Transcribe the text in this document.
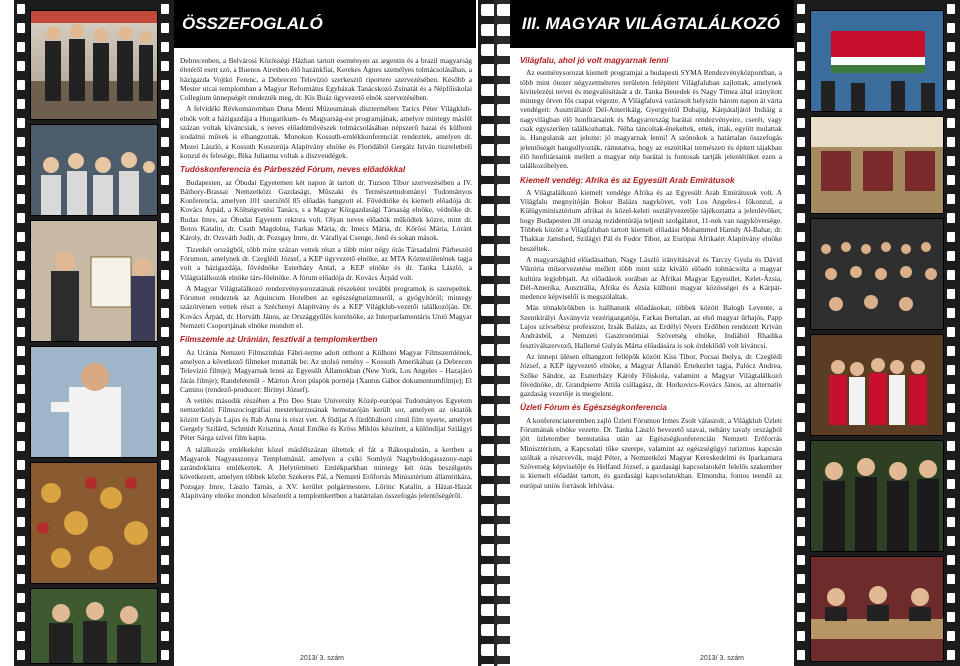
ÖSSZEFOGLALÓ

Debrecenben, a Belvárosi Közösségi Házban tartott eseményen az argentin és a brazil magyarság életéről esett szó, a Buenos Airesben élő hazánkfiai, Kerekes Ágnes személyes tolmácsolásában, a házigazda Vojtkó Ferenc, a Debrecen Televízió szerkesztő riportere szervezésében. Később a Mester utcai templomban a Magyar Református Egyházak Tanácskozó Zsinatát és a Népfőiskolai Collegium ünnepségét rendezték meg, dr. Kis Boáz ügyvezető elnök szervezésében.

A felvidéki Révkomáromban Duna Menti Múzeumának dísztermében Tarics Péter Világklub-elnök volt a házigazdája a Hungarikum- és Magyarság-est programjának, amelyre mintegy másfél százan voltak kíváncsiak, s neves előadóművészek tolmácsolásában népszerű hazai és külhoni irodalmi művek is elhangzottak. Monokon Kossuth-emlékkonferenciát rendeztek, amelyen dr. Mezei László, a Kossuth Koszorúja Alapítvány elnöke és Floridából Gergátz István tiszteletbeli konzul és felesége, Bika Julianna voltak a díszvendégek.

Tudóskonferencia és Párbeszéd Fórum, neves előadókkal

Budapesten, az Óbudai Egyetemen két napon át tartott dr. Tuzson Tibor szervezésében a IV. Báthory-Brassai Nemzetközi Gazdasági, Műszaki és Természettudományi Tudományos Konferencia, amelyen 101 szerzőtől 85 előadás hangzott el. Fővédnöke és kiemelt előadója dr. Kovács Árpád, a Költségvetési Tanács, s a Magyar Közgazdasági Társaság elnöke, védnöke dr. Rudas Imre, az Óbudai Egyetem rektora volt. Olyan neves előadók működtek közre, mint dr. Botos Katalin, dr. Csath Magdolna, Farkas Mária, dr. Imecs Mária, dr. Kőrösi Mária, Lóránt Károly, dr. Ozsváth Judit, dr. Pozsgay Imre, dr. Várallyai Csenge, Jenő és sokan mások.

Tizenkét országból, több mint százan vettek részt a több mint négy órás Társadalmi Párbeszéd Fórumon, amelynek dr. Czeglédi József, a KEP ügyvezető elnöke, az MTA Köztestületének tagja volt a házigazdája, fővédnöke Esterházy Antal, a KEP elnöke és dr. Tanka László, a Világtalálkozók elnöke társ-főelnöke. A fórum előadója dr. Kovács Árpád volt.

A Magyar Világtalálkozó rendezvénysorozatának részeként további programok is szerepeltek. Fórumot rendeztek az Aquincum Hotelben az egészségturizmusról, a gyógyítóról; mintegy százötvenen vettek részt a Széchenyi Alapítvány és a KEP Világklub-vezetői találkozóján. Dr. Kovács Árpád, dr. Horváth János, az Országgyűlés korelnöke, az Interparlamentáris Unió Magyar Nemzeti Csoportjának elnöke mondott el.

Filmszemle az Uránián, fesztivál a templomkertben

Az Uránia Nemzeti Filmszínház Fábri-terme adott otthont a Külhoni Magyar Filmszemlének, amelyen a következő filmeket mutatták be: Az utolsó remény – Kossuth Amerikában (a Debrecen Televízió filmje); Magyarnak lenni az Egyesült Államokban (New York, Los Angeles – Hazajáró Járás filmje); Randeletenül – Márton Áron püspök portréja (Xantus Gábor dokumentumfilmje); El Camino (rendező-producer: Birinyi József).

A vetítés második részében a Pro Deo State University Közép-európai Tudományos Egyetem nemzetközi Filmszociográfiai mesterkurzusának bemutatóján került sor, amelyen az oktatók között Gulyás Lajos és Rab Anna is részt vett. A fődíjat A fürdőháború című film nyerte, amelyet Gergely Szilárd, Schmidt Krisztina, Antal Emőke és Kröss Miklós készített, a különdíjat Szilágyi Péter Sárga szívei film kapta.

A találkozás emlékeként közel másfélszázan ültettek el fát a Rákospalotán, a kertben a Magyarok Nagyasszonya Templománál, amelyen a csíki Somlyói Nagyboldogasszony-napi zarándoklatra emlékeztek. A Helytörténeti Emlékparkban mintegy két órás beszélgetés következett, amelyen többek között Szekeres Pál, a Nemzeti Erőforrás Minisztérium államtitkára, Pozsgay Imre, Lászlo Tamás, a XV. kerület polgármestere, Lőrinc Katalin, a Házat-Hazát Alapítvány elnöke mondott köszöntőt a templomkertben a határtalan összefogás jelentőségéről.

2013/ 3. szám
III. MAGYAR VILÁGTALÁLKOZÓ
Világfalu, ahol jó volt magyarnak lenni

Az eseménysorozat kiemelt programjai a budapesti SYMA Rendezvényközpontban, a több mint ötezer négyzetméteres területen felépített Világfaluban zajlottak, amelynek kivitelezési tervei és megvalósítását a dr. Tanka Benedek és Nagy Tímea által irányított mintegy ötven fős csapat végezte. A Világfaluvá varázsolt helyszín három napon át várta vendégeit: Ausztráliától Dél-Amerikáig, Gyergyótól Dubajig, Kárpátaljától Indiáig a nagyvilágban élő honfitársaink és Magyarország barátai rendezvényeire, cserét, vagy csak egyszerűen találkozhattak. Néha táncoltak-énekeltek, ettek, ittak, együtt mulattak is. Hangulatuk azt jelezte: jó magyarnak lenni! A szónokok a határtalan összefogás jelentőségét hangsúlyozták, rámutatva, hogy az esztétikai természeti és épített tájakban élő honfitársaink mellett a magyar nép barátai is fontosak tartják jelenlétüket ezen a találkozóhelyen.

Kiemelt vendég: Afrika és az Egyesült Arab Emírátusok

A Világtalálkozó kiemelt vendége Afrika és az Egyesült Arab Emírátusok volt. A Világfalu megnyitóján Bokor Balázs nagykövet, volt Los Angeles-i főkonzul, a Külügyminisztérium afrikai és közel-keleti osztályvezetője tájékoztatta a jelenlévőket, hogy Budapesten 28 ország rezidentúrája teljesít szolgálatot, 11-nek van nagykövetsége. Többek között a Világfaluban tartott kiemelt előadást Mohammed Hamdy Al-Bahar, dr. Thakkar Jamshed, Szilágyi Pál és Fodor Tibor, az Európai Afrikaért Alapítvány elnöke beszéltek.

A magyarsághid előadásaiban, Nagy László irányításával és Tarczy Gyula és Dávid Viktória műsorvezetése mellett több mint száz kiváló előadó tolmácsolta a magyar kultúra legjobbjait. Az előadások sorában az Afrikai Magyar Egyesület, Kelet-Ázsia, Dél-Amerika, Ausztrália, Afrika és Ázsia külhoni magyar közösségei és a Kárpát-medence képviselői is megszólaltak.

Más témakörökben is hallhatunk előadásokat, többek között Balogh Levente, a Szentkirályi Ásványvíz vezérigazgatója, Farkas Bertalan, az első magyar űrhajós, Papp Lajos szívsebész professzor, Izsák Balázs, az Erdélyi Nyers Erdőben rendezett Kriván Andrásból, a Nemzeti Gasztronómiai Szövetség elnöke, Indiából Rhadika fesztiválszervező, Hallerné Gulyás Márta előadására is sok érdeklődő volt kíváncsi.

Az ünnepi ülésen elhangzott fellépők között Kiss Tibor, Pocsai Ibolya, dr. Czeglédi József, a KEP ügyvezető elnöke, a Magyar Állandó Értekezlet tagja, Palócz Andrea, Szőke Sándor, az Eszterházy Károly Főiskola, valamint a Magyar Világtalálkozó fővédnöke, dr. Grandpierre Attila csillagász, dr. Horkovics-Kovács János, az alternatív gazdaság vezetője is megjelent.

Üzleti Fórum és Egészségkonferencia

A konferenciateremben zajló Üzleti Fórumon Irmes Zsolt válaszolt, a Világklub Üzleti Fórumának elnöke vezette. Dr. Tanka László bevezető szavai, nehány tavaly országból jött üzletember bemutatása után az Egészségkonferencián Nemzeti Erőforrás Minisztérium, a Kapcsolati tőke szerepe, valamint az egészségügyi turizmus kapcsán szóltak a résztvevők, majd Péter, a Nemzetközi Magyar Kereskedelmi és Iparkamara Szövetség képviselője és Helfand József, a gazdasági kapcsolatokért felelős szakember is kiemelt előadást tartott, és gazdasági kapcsolatokban. Elmondta, fontos teendő az európai uniós források lehívása.

2013/ 3. szám
